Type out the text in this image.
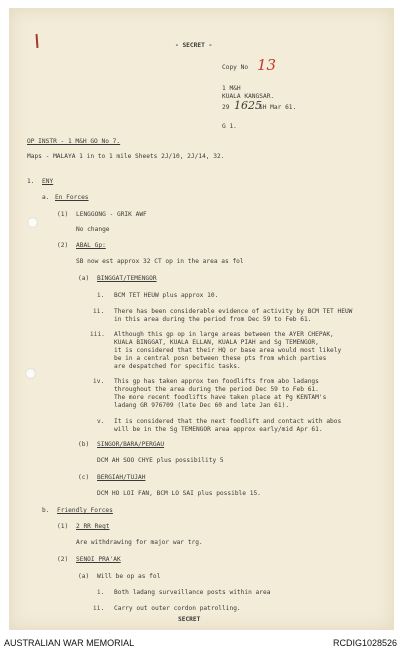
- SECRET -
Copy No 13
1 M&H
KUALA KANGSAR.
29 1625
SH Mar 61.
G 1.
OP INSTR - 1 M&H GO No 7.
Maps - MALAYA 1 in to 1 mile Sheets 2J/10, 2J/14, 32.
1. ENY
a. En Forces
(1) LENGGONG - GRIK AWF
No change
(2) ABAL Gp:
SB now est approx 32 CT op in the area as fol
(a) BINGGAT/TEMENGOR
i. BCM TET HEUW plus approx 10.
ii. There has been considerable evidence of activity by BCM TET HEUW
in this area during the period from Dec 59 to Feb 61.
iii. Although this gp op in large areas between the AYER CHEPAK,
KUALA BINGGAT, KUALA ELLAN, KUALA PIAH and Sg TEMENGOR,
it is considered that their HQ or base area would most likely
be in a central posn between these pts from which parties
are despatched for specific tasks.
iv. This gp has taken approx ten foodlifts from abo ladangs
throughout the area during the period Dec 59 to Feb 61.
The more recent foodlifts have taken place at Pg KENTAM's
ladang GR 976709 (late Dec 60 and late Jan 61).
v. It is considered that the next foodlift and contact with abos
will be in the Sg TEMENGOR area approx early/mid Apr 61.
(b) SINGOR/BARA/PERGAU
DCM AH SOO CHYE plus possibility 5
(c) BERGIAH/TUJAH
DCM HO LOI FAN, BCM LO SAI plus possible 15.
b. Friendly Forces
(1) 2 RR Regt
Are withdrawing for major war trg.
(2) SENOI PRA'AK
(a) Will be op as fol
i. Both ladang surveillance posts within area
ii. Carry out outer cordon patrolling.
SECRET
AUSTRALIAN WAR MEMORIAL	RCDIG1028526
